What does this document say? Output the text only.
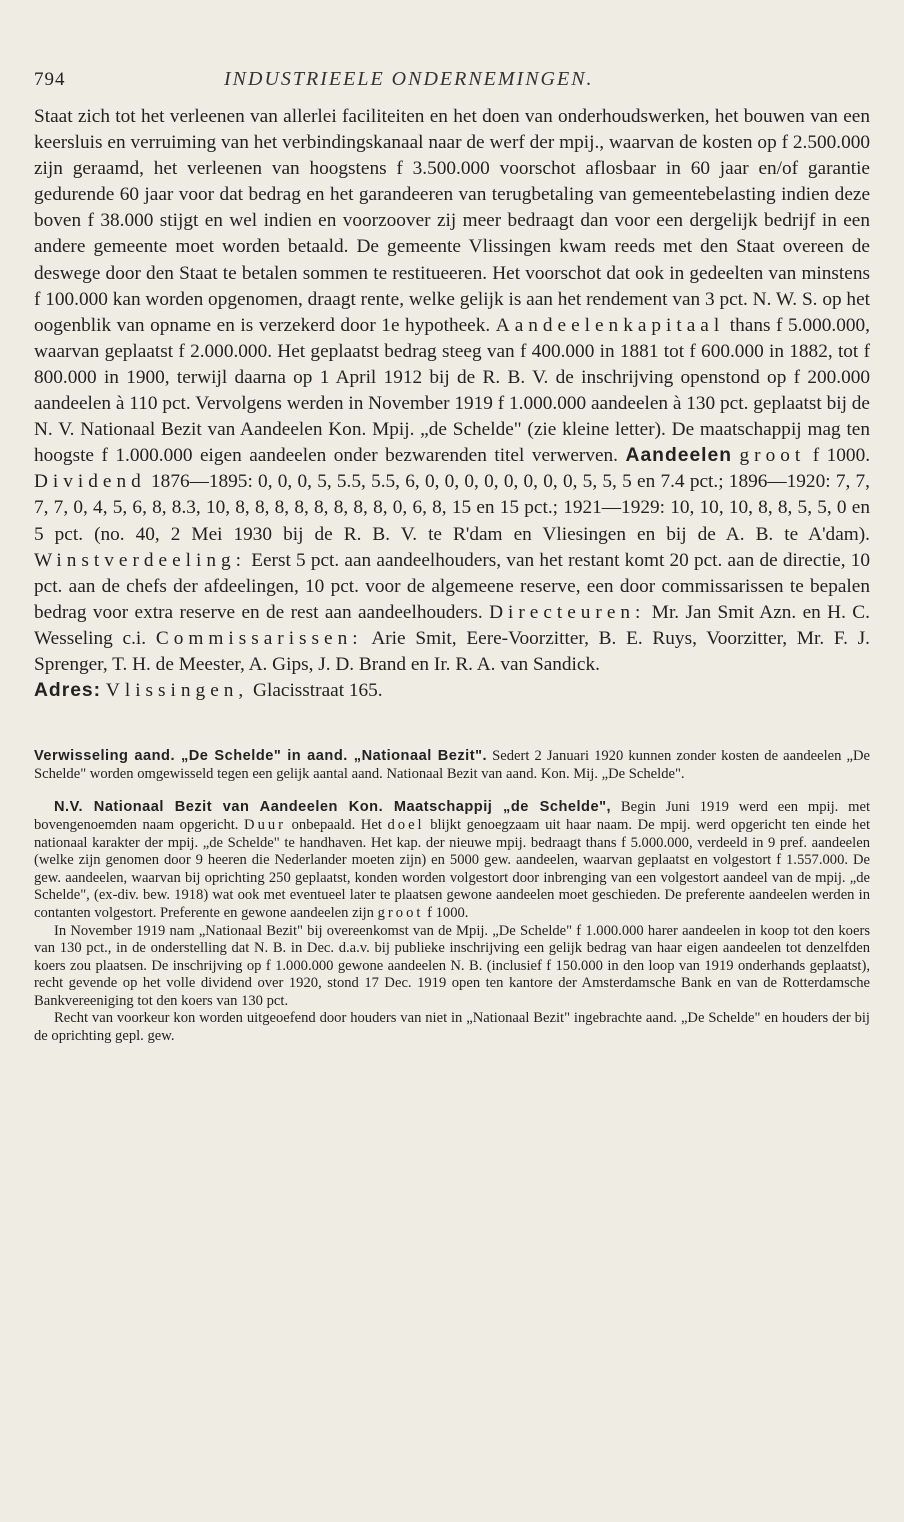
794	INDUSTRIEELE ONDERNEMINGEN.

Staat zich tot het verleenen van allerlei faciliteiten en het doen van onderhoudswerken, het bouwen van een keersluis en verruiming van het verbindingskanaal naar de werf der mpij., waarvan de kosten op f 2.500.000 zijn geraamd, het verleenen van hoogstens f 3.500.000 voorschot aflosbaar in 60 jaar en/of garantie gedurende 60 jaar voor dat bedrag en het garandeeren van terugbetaling van gemeentebelasting indien deze boven f 38.000 stijgt en wel indien en voorzoover zij meer bedraagt dan voor een dergelijk bedrijf in een andere gemeente moet worden betaald. De gemeente Vlissingen kwam reeds met den Staat overeen de deswege door den Staat te betalen sommen te restitueeren. Het voorschot dat ook in gedeelten van minstens f 100.000 kan worden opgenomen, draagt rente, welke gelijk is aan het rendement van 3 pct. N. W. S. op het oogenblik van opname en is verzekerd door 1e hypotheek. Aandeelenkapitaal thans f 5.000.000, waarvan geplaatst f 2.000.000. Het geplaatst bedrag steeg van f 400.000 in 1881 tot f 600.000 in 1882, tot f 800.000 in 1900, terwijl daarna op 1 April 1912 bij de R. B. V. de inschrijving openstond op f 200.000 aandeelen à 110 pct. Vervolgens werden in November 1919 f 1.000.000 aandeelen à 130 pct. geplaatst bij de N. V. Nationaal Bezit van Aandeelen Kon. Mpij. „de Schelde" (zie kleine letter). De maatschappij mag ten hoogste f 1.000.000 eigen aandeelen onder bezwarenden titel verwerven. Aandeelen groot f 1000. Dividend 1876—1895: 0, 0, 0, 5, 5.5, 5.5, 6, 0, 0, 0, 0, 0, 0, 0, 0, 5, 5, 5 en 7.4 pct.; 1896—1920: 7, 7, 7, 7, 0, 4, 5, 6, 8, 8.3, 10, 8, 8, 8, 8, 8, 8, 8, 8, 0, 6, 8, 15 en 15 pct.; 1921—1929: 10, 10, 10, 8, 8, 5, 5, 0 en 5 pct. (no. 40, 2 Mei 1930 bij de R. B. V. te R'dam en Vliesingen en bij de A. B. te A'dam). Winstverdeeling: Eerst 5 pct. aan aandeelhouders, van het restant komt 20 pct. aan de directie, 10 pct. aan de chefs der afdeelingen, 10 pct. voor de algemeene reserve, een door commissarissen te bepalen bedrag voor extra reserve en de rest aan aandeelhouders. Directeuren: Mr. Jan Smit Azn. en H. C. Wesseling c.i. Commissarissen: Arie Smit, Eere-Voorzitter, B. E. Ruys, Voorzitter, Mr. F. J. Sprenger, T. H. de Meester, A. Gips, J. D. Brand en Ir. R. A. van Sandick.

Adres: Vlissingen, Glacisstraat 165.

Verwisseling aand. „De Schelde" in aand. „Nationaal Bezit". Sedert 2 Januari 1920 kunnen zonder kosten de aandeelen „De Schelde" worden omgewisseld tegen een gelijk aantal aand. Nationaal Bezit van aand. Kon. Mij. „De Schelde".

N.V. Nationaal Bezit van Aandeelen Kon. Maatschappij „de Schelde", Begin Juni 1919 werd een mpij. met bovengenoemden naam opgericht. Duur onbepaald. Het doel blijkt genoegzaam uit haar naam. De mpij. werd opgericht ten einde het nationaal karakter der mpij. „de Schelde" te handhaven. Het kap. der nieuwe mpij. bedraagt thans f 5.000.000, verdeeld in 9 pref. aandeelen (welke zijn genomen door 9 heeren die Nederlander moeten zijn) en 5000 gew. aandeelen, waarvan geplaatst en volgestort f 1.557.000. De gew. aandeelen, waarvan bij oprichting 250 geplaatst, konden worden volgestort door inbrenging van een volgestort aandeel van de mpij. „de Schelde", (ex-div. bew. 1918) wat ook met eventueel later te plaatsen gewone aandeelen moet geschieden. De preferente aandeelen werden in contanten volgestort. Preferente en gewone aandeelen zijn groot f 1000.

In November 1919 nam „Nationaal Bezit" bij overeenkomst van de Mpij. „De Schelde" f 1.000.000 harer aandeelen in koop tot den koers van 130 pct., in de onderstelling dat N. B. in Dec. d.a.v. bij publieke inschrijving een gelijk bedrag van haar eigen aandeelen tot denzelfden koers zou plaatsen. De inschrijving op f 1.000.000 gewone aandeelen N. B. (inclusief f 150.000 in den loop van 1919 onderhands geplaatst), recht gevende op het volle dividend over 1920, stond 17 Dec. 1919 open ten kantore der Amsterdamsche Bank en van de Rotterdamsche Bankvereeniging tot den koers van 130 pct.

Recht van voorkeur kon worden uitgeoefend door houders van niet in „Nationaal Bezit" ingebrachte aand. „De Schelde" en houders der bij de oprichting gepl. gew.
